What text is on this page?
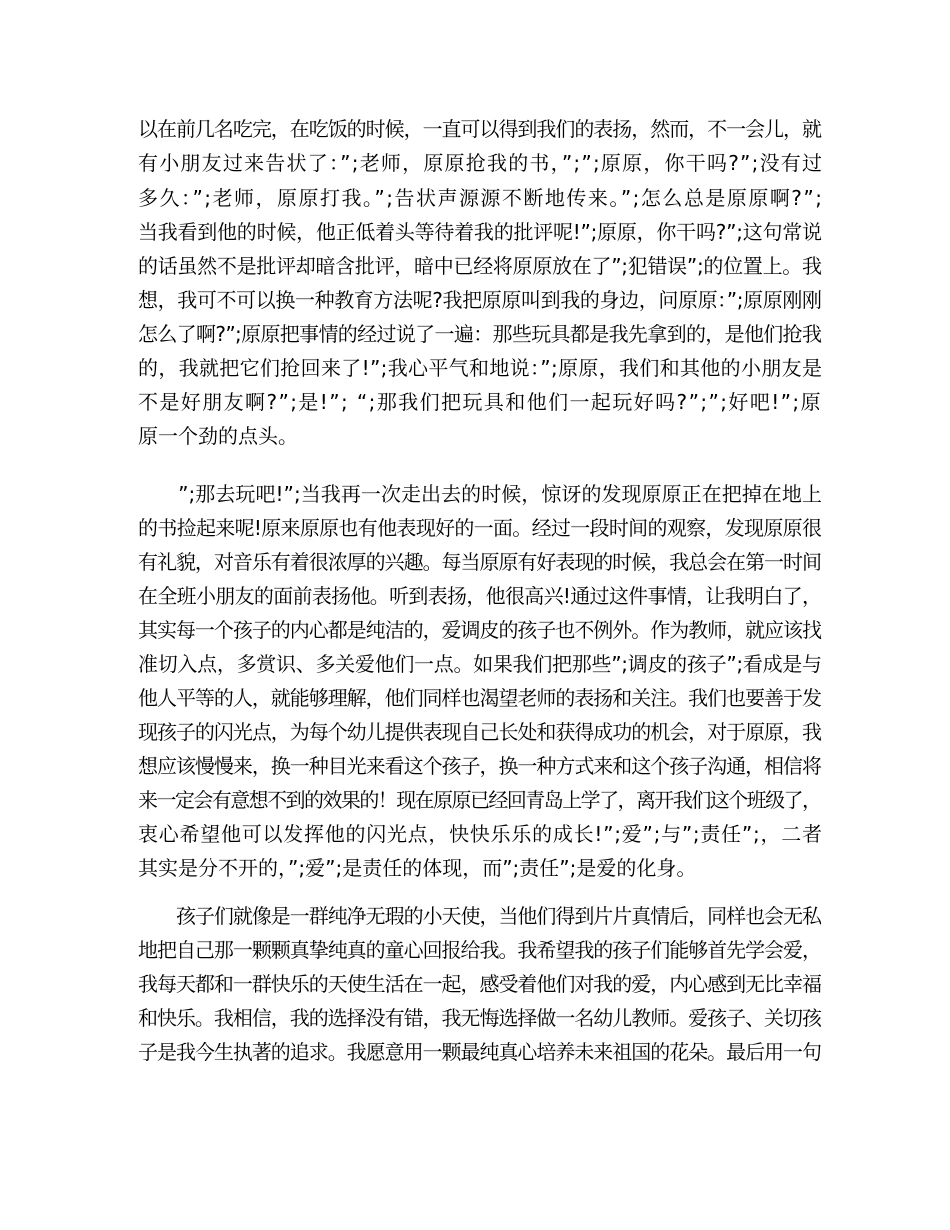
以在前几名吃完，在吃饭的时候，一直可以得到我们的表扬，然而，不一会儿，就
有小朋友过来告状了：”;老师，原原抢我的书，”;”;原原，你干吗?”;没有过
多久：”;老师，原原打我。”;告状声源源不断地传来。”;怎么总是原原啊?”;
当我看到他的时候，他正低着头等待着我的批评呢!”;原原，你干吗?”;这句常说
的话虽然不是批评却暗含批评，暗中已经将原原放在了”;犯错误”;的位置上。我
想，我可不可以换一种教育方法呢?我把原原叫到我的身边，问原原：”;原原刚刚
怎么了啊?”;原原把事情的经过说了一遍：那些玩具都是我先拿到的，是他们抢我
的，我就把它们抢回来了!”;我心平气和地说：”;原原，我们和其他的小朋友是
不是好朋友啊?”;是!”; “;那我们把玩具和他们一起玩好吗?”;”;好吧!”;原
原一个劲的点头。
　　”;那去玩吧!”;当我再一次走出去的时候，惊讶的发现原原正在把掉在地上
的书捡起来呢!原来原原也有他表现好的一面。经过一段时间的观察，发现原原很
有礼貌，对音乐有着很浓厚的兴趣。每当原原有好表现的时候，我总会在第一时间
在全班小朋友的面前表扬他。听到表扬，他很高兴!通过这件事情，让我明白了，
其实每一个孩子的内心都是纯洁的，爱调皮的孩子也不例外。作为教师，就应该找
准切入点，多赏识、多关爱他们一点。如果我们把那些”;调皮的孩子”;看成是与
他人平等的人，就能够理解，他们同样也渴望老师的表扬和关注。我们也要善于发
现孩子的闪光点，为每个幼儿提供表现自己长处和获得成功的机会，对于原原，我
想应该慢慢来，换一种目光来看这个孩子，换一种方式来和这个孩子沟通，相信将
来一定会有意想不到的效果的！现在原原已经回青岛上学了，离开我们这个班级了，
衷心希望他可以发挥他的闪光点，快快乐乐的成长!”;爱”;与”;责任”;，二者
其实是分不开的，”;爱”;是责任的体现，而”;责任”;是爱的化身。
　　孩子们就像是一群纯净无瑕的小天使，当他们得到片片真情后，同样也会无私
地把自己那一颗颗真挚纯真的童心回报给我。我希望我的孩子们能够首先学会爱，
我每天都和一群快乐的天使生活在一起，感受着他们对我的爱，内心感到无比幸福
和快乐。我相信，我的选择没有错，我无悔选择做一名幼儿教师。爱孩子、关切孩
子是我今生执著的追求。我愿意用一颗最纯真心培养未来祖国的花朵。最后用一句
